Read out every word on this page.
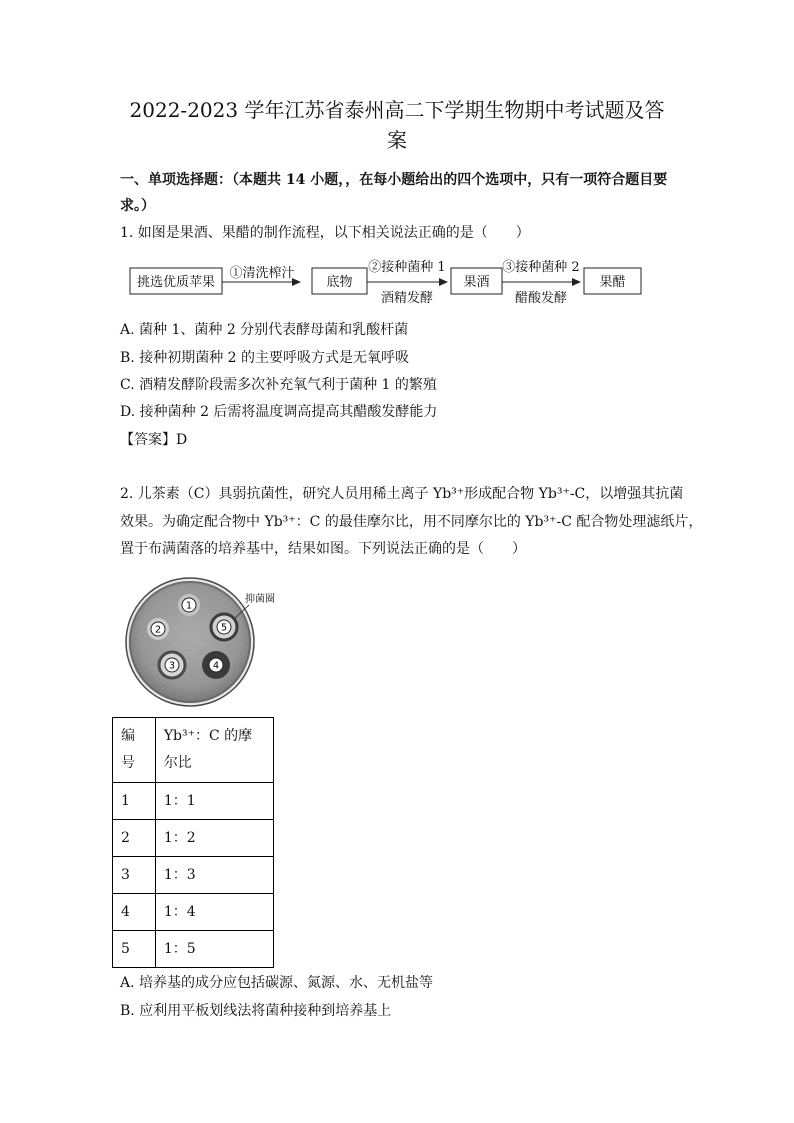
2022-2023 学年江苏省泰州高二下学期生物期中考试题及答
案
一、单项选择题：（本题共 14 小题，，在每小题给出的四个选项中，只有一项符合题目要
求。）
1. 如图是果酒、果醋的制作流程，以下相关说法正确的是（　　）
挑选优质苹果
①清洗榨汁
底物
②接种菌种 1
酒精发酵
果酒
③接种菌种 2
醋酸发酵
果醋
A. 菌种 1、菌种 2 分别代表酵母菌和乳酸杆菌
B. 接种初期菌种 2 的主要呼吸方式是无氧呼吸
C. 酒精发酵阶段需多次补充氧气利于菌种 1 的繁殖
D. 接种菌种 2 后需将温度调高提高其醋酸发酵能力
【答案】D
2. 儿茶素（C）具弱抗菌性，研究人员用稀土离子 Yb³⁺形成配合物 Yb³⁺-C，以增强其抗菌
效果。为确定配合物中 Yb³⁺：C 的最佳摩尔比，用不同摩尔比的 Yb³⁺-C 配合物处理滤纸片，
置于布满菌落的培养基中，结果如图。下列说法正确的是（　　）
1
2
3	4
5
抑菌圈
编号	Yb³⁺：C 的摩尔比
1	1：1
2	1：2
3	1：3
4	1：4
5	1：5
A. 培养基的成分应包括碳源、氮源、水、无机盐等
B. 应利用平板划线法将菌种接种到培养基上
